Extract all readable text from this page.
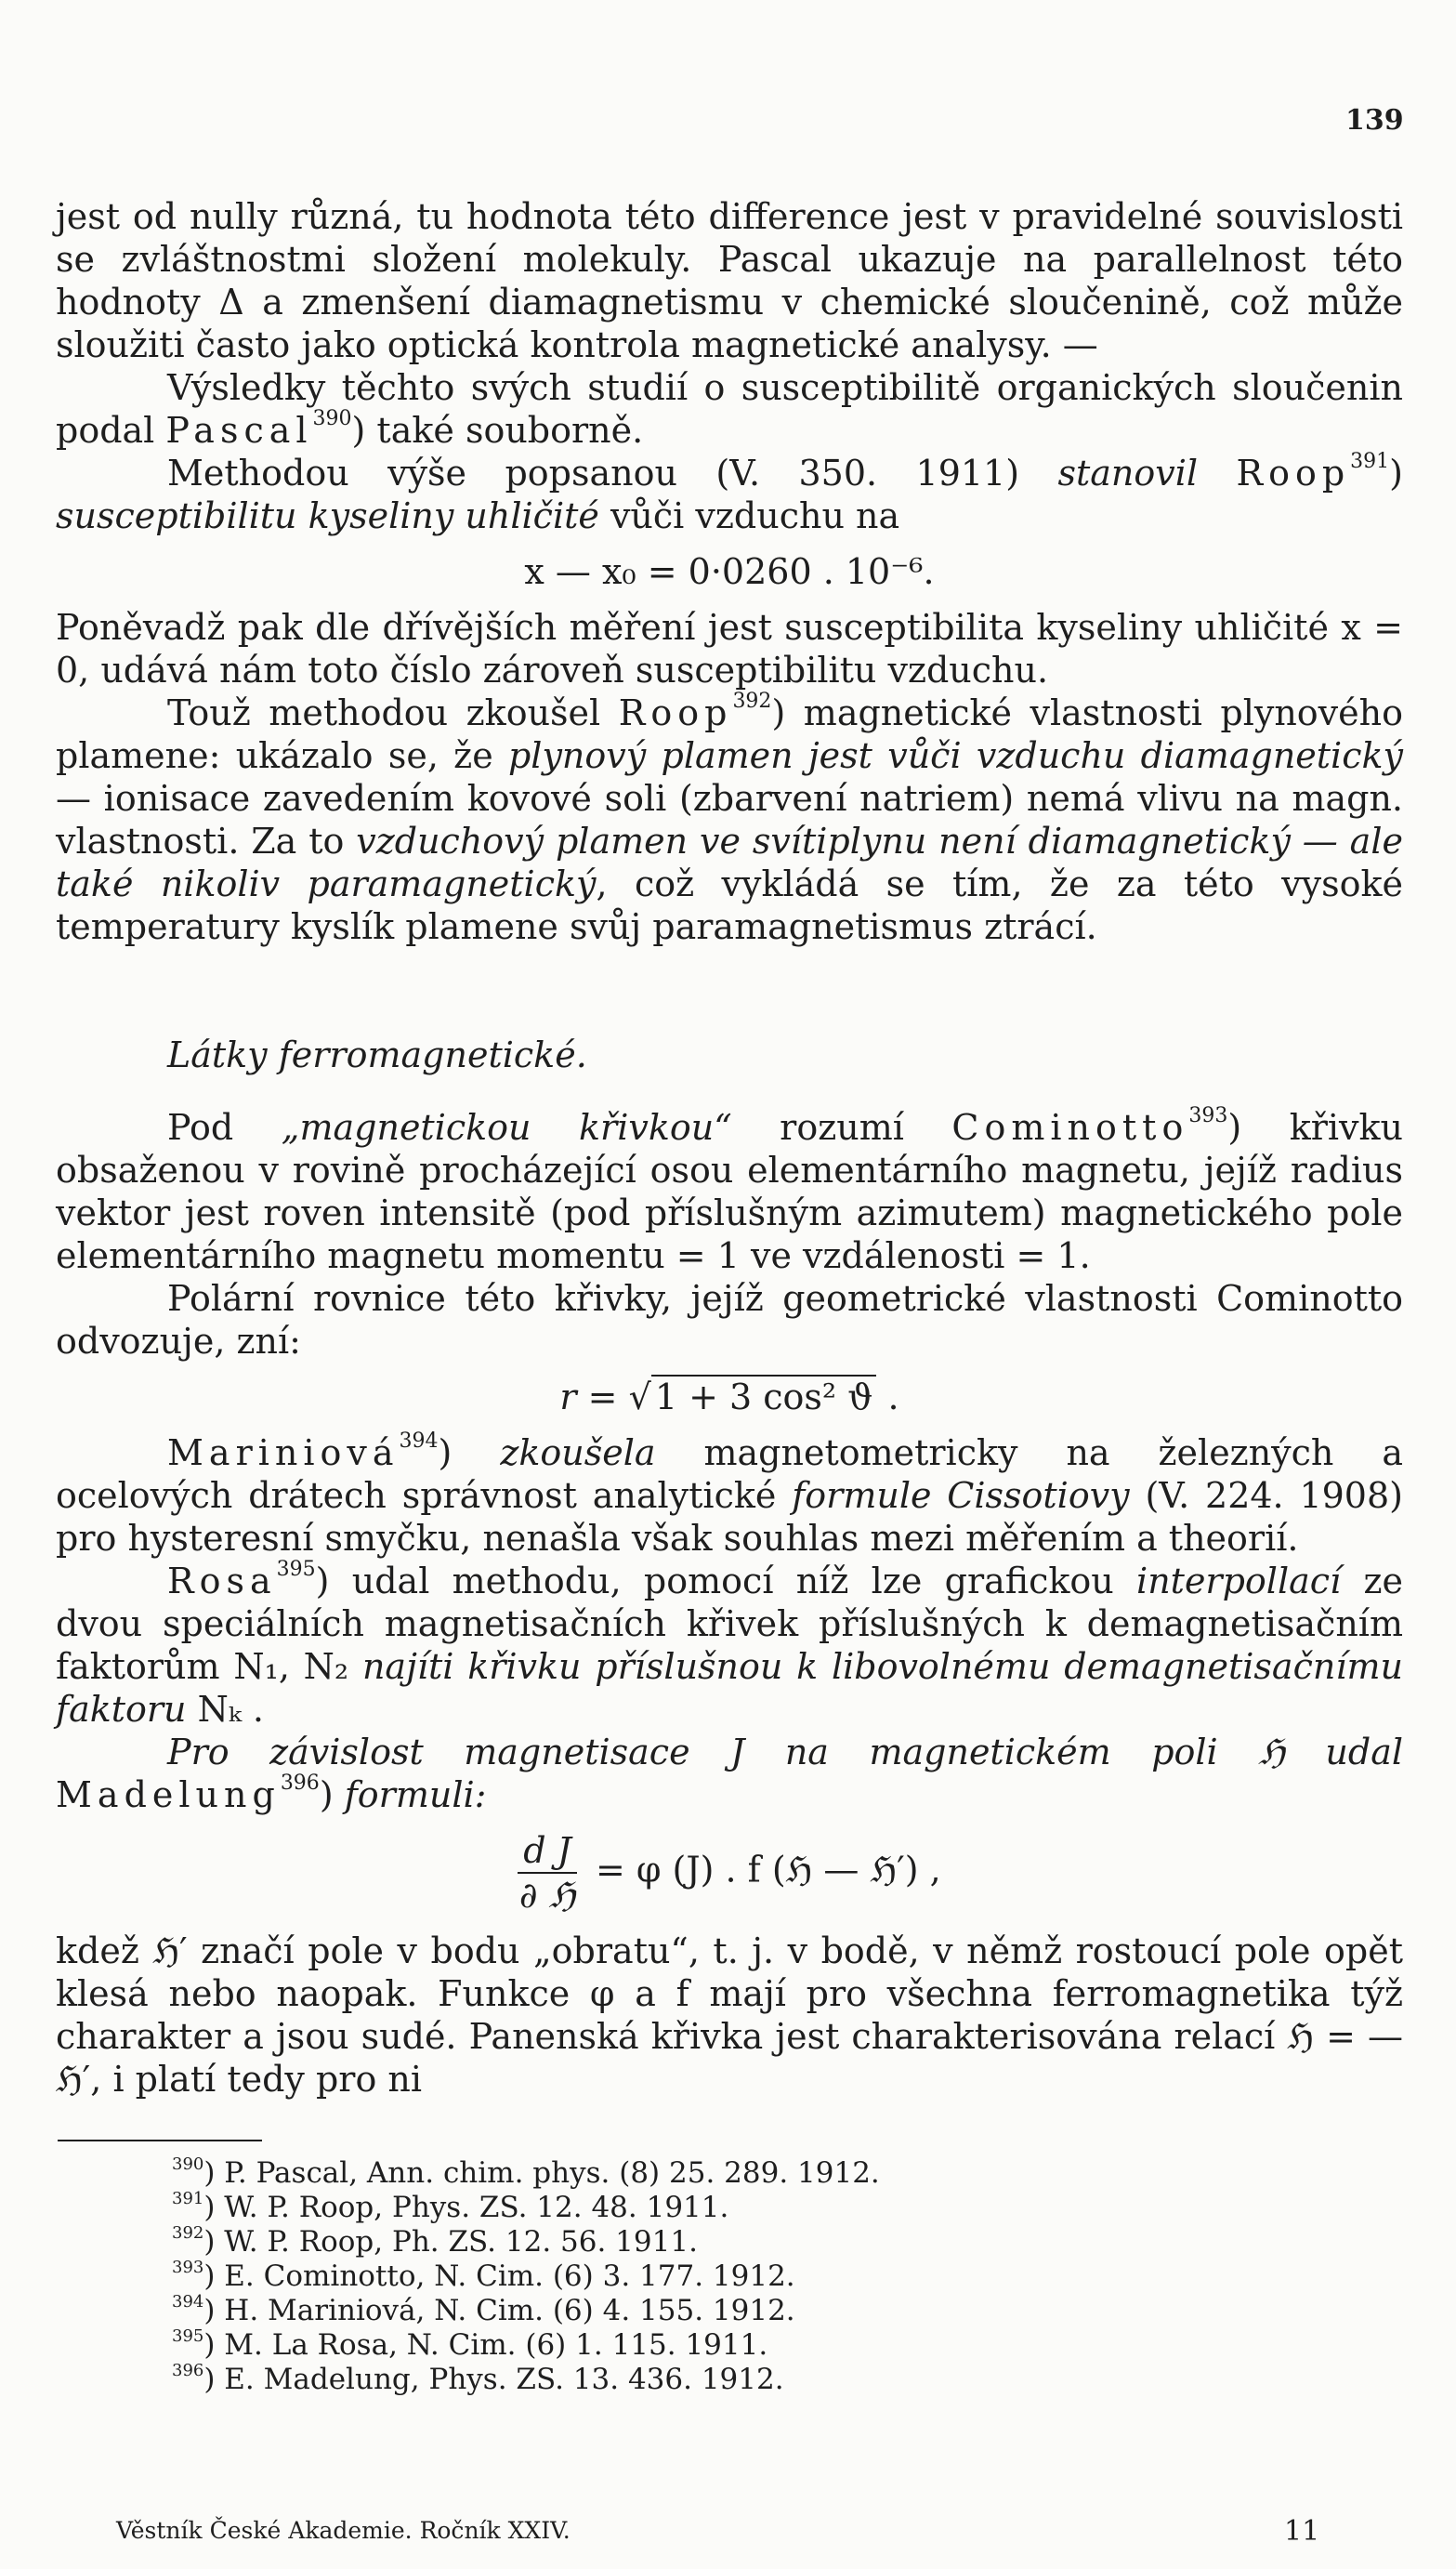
139

jest od nully různá, tu hodnota této difference jest v pravidelné souvislosti se zvláštnostmi složení molekuly. Pascal ukazuje na parallelnost této hodnoty Δ a zmenšení diamagnetismu v chemické sloučenině, což může sloužiti často jako optická kontrola magnetické analysy. —

Výsledky těchto svých studií o susceptibilitě organických sloučenin podal Pascal$^{390}$) také souborně.

Methodou výše popsanou (V. 350. 1911) stanovil Roop$^{391}$) susceptibilitu kyseliny uhličité vůči vzduchu na

x — x₀ = 0·0260 . 10⁻⁶.

Poněvadž pak dle dřívějších měření jest susceptibilita kyseliny uhličité x = 0, udává nám toto číslo zároveň susceptibilitu vzduchu.

Touž methodou zkoušel Roop$^{392}$) magnetické vlastnosti plynového plamene: ukázalo se, že plynový plamen jest vůči vzduchu diamagnetický — ionisace zavedením kovové soli (zbarvení natriem) nemá vlivu na magn. vlastnosti. Za to vzduchový plamen ve svítiplynu není diamagnetický — ale také nikoliv paramagnetický, což vykládá se tím, že za této vysoké temperatury kyslík plamene svůj paramagnetismus ztrácí.

Látky ferromagnetické.

Pod „magnetickou křivkou“ rozumí Cominotto$^{393}$) křivku obsaženou v rovině procházející osou elementárního magnetu, jejíž radius vektor jest roven intensitě (pod příslušným azimutem) magnetického pole elementárního magnetu momentu = 1 ve vzdálenosti = 1.

Polární rovnice této křivky, jejíž geometrické vlastnosti Cominotto odvozuje, zní:

r = √ 1 + 3 cos² ϑ .

Mariniová$^{394}$) zkoušela magnetometricky na železných a ocelových drátech správnost analytické formule Cissotiovy (V. 224. 1908) pro hysteresní smyčku, nenašla však souhlas mezi měřením a theorií.

Rosa$^{395}$) udal methodu, pomocí níž lze grafickou interpollací ze dvou speciálních magnetisačních křivek příslušných k demagnetisačním faktorům N₁, N₂ najíti křivku příslušnou k libovolnému demagnetisačnímu faktoru Nₖ .

Pro závislost magnetisace J na magnetickém poli ℌ udal Madelung$^{396}$) formuli:

$\frac{\text{d J}}{\text{∂ ℌ}} = \varphi$ (J) . f (ℌ — ℌ′) ,

kdež ℌ′ značí pole v bodu „obratu“, t. j. v bodě, v němž rostoucí pole opět klesá nebo naopak. Funkce φ a f mají pro všechna ferromagnetika týž charakter a jsou sudé. Panenská křivka jest charakterisována relací ℌ = — ℌ′, i platí tedy pro ni

$^{390}$) P. Pascal, Ann. chim. phys. (8) 25. 289. 1912.
$^{391}$) W. P. Roop, Phys. ZS. 12. 48. 1911.
$^{392}$) W. P. Roop, Ph. ZS. 12. 56. 1911.
$^{393}$) E. Cominotto, N. Cim. (6) 3. 177. 1912.
$^{394}$) H. Mariniová, N. Cim. (6) 4. 155. 1912.
$^{395}$) M. La Rosa, N. Cim. (6) 1. 115. 1911.
$^{396}$) E. Madelung, Phys. ZS. 13. 436. 1912.
Věstník České Akademie. Ročník XXIV.	11
